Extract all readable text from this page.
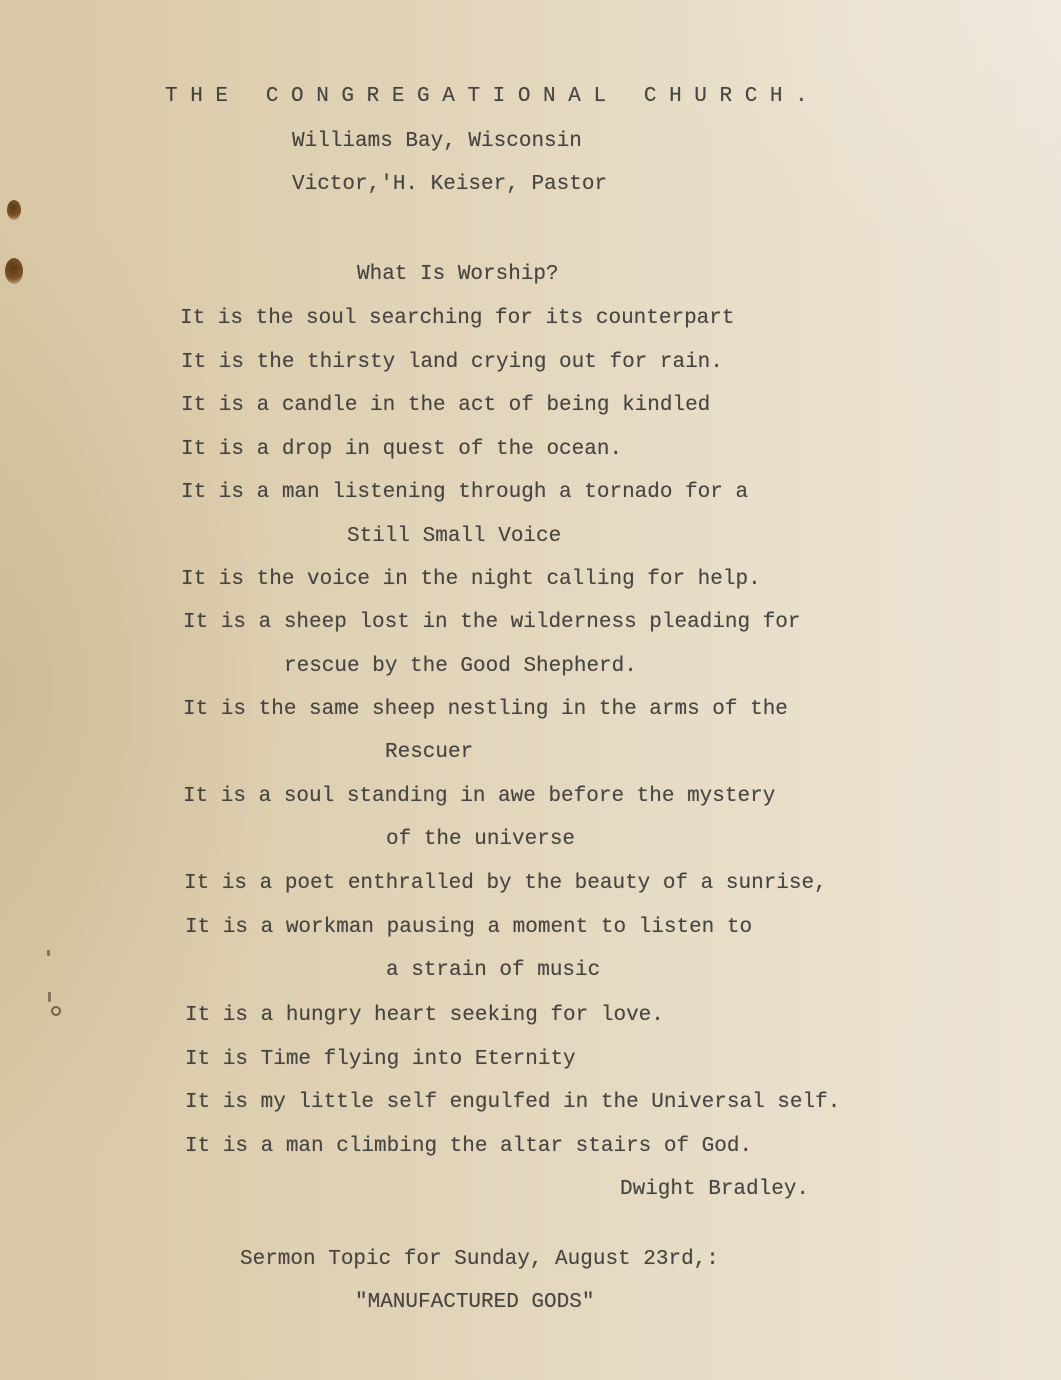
T H E   C O N G R E G A T I O N A L   C H U R C H .

Williams Bay, Wisconsin

Victor,'H. Keiser, Pastor

What Is Worship?

It is the soul searching for its counterpart

It is the thirsty land crying out for rain.

It is a candle in the act of being kindled

It is a drop in quest of the ocean.

It is a man listening through a tornado for a

Still Small Voice

It is the voice in the night calling for help.

It is a sheep lost in the wilderness pleading for

rescue by the Good Shepherd.

It is the same sheep nestling in the arms of the

Rescuer

It is a soul standing in awe before the mystery

of the universe

It is a poet enthralled by the beauty of a sunrise,

It is a workman pausing a moment to listen to

a strain of music

It is a hungry heart seeking for love.

It is Time flying into Eternity

It is my little self engulfed in the Universal self.

It is a man climbing the altar stairs of God.

Dwight Bradley.

Sermon Topic for Sunday, August 23rd,:

"MANUFACTURED GODS"
